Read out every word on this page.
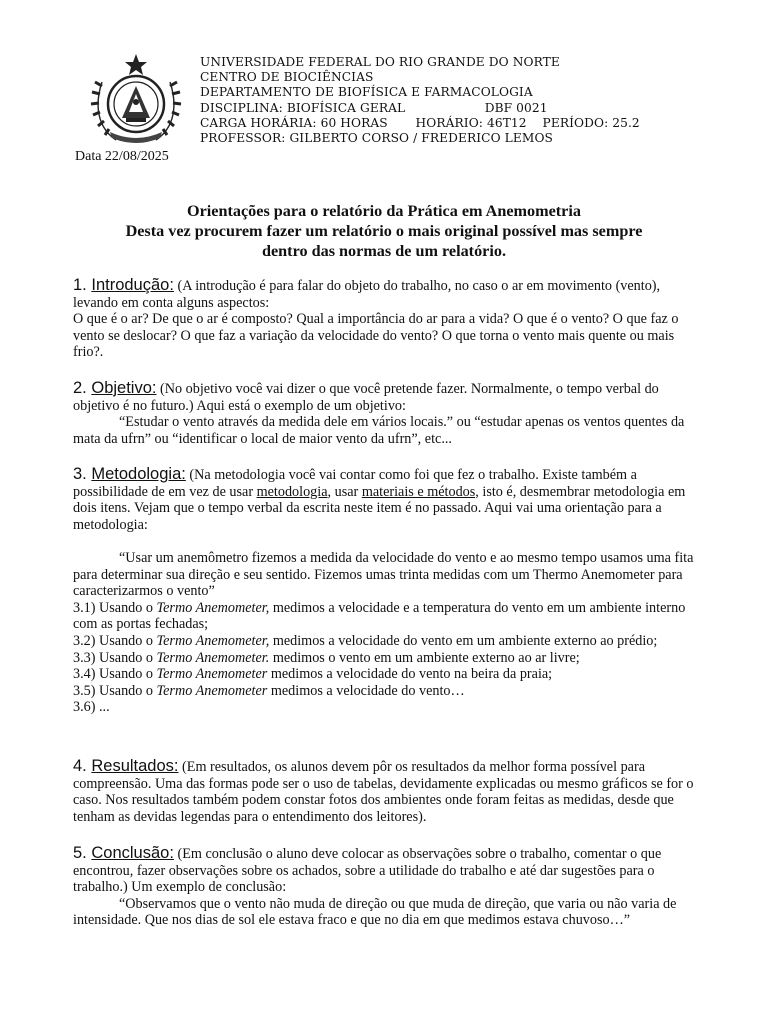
UNIVERSIDADE FEDERAL DO RIO GRANDE DO NORTE
CENTRO DE BIOCIÊNCIAS
DEPARTAMENTO DE BIOFÍSICA E FARMACOLOGIA
DISCIPLINA: BIOFÍSICA GERAL                    DBF 0021
CARGA HORÁRIA: 60 HORAS       HORÁRIO: 46T12    PERÍODO: 25.2
PROFESSOR: GILBERTO CORSO / FREDERICO LEMOS
Data 22/08/2025
Orientações para o relatório da Prática em Anemometria
Desta vez procurem fazer um relatório o mais original possível mas sempre
dentro das normas de um relatório.

1. Introdução: (A introdução é para falar do objeto do trabalho, no caso o ar em movimento (vento), levando em conta alguns aspectos:

O que é o ar? De que o ar é composto? Qual a importância do ar para a vida? O que é o vento? O que faz o vento se deslocar? O que faz a variação da velocidade do vento? O que torna o vento mais quente ou mais frio?.

2. Objetivo: (No objetivo você vai dizer o que você pretende fazer. Normalmente, o tempo verbal do objetivo é no futuro.) Aqui está o exemplo de um objetivo:

“Estudar o vento através da medida dele em vários locais.” ou “estudar apenas os ventos quentes da mata da ufrn” ou “identificar o local de maior vento da ufrn”, etc...

3. Metodologia: (Na metodologia você vai contar como foi que fez o trabalho. Existe também a possibilidade de em vez de usar metodologia, usar materiais e métodos, isto é, desmembrar metodologia em dois itens. Vejam que o tempo verbal da escrita neste item é no passado. Aqui vai uma orientação para a metodologia:

“Usar um anemômetro fizemos a medida da velocidade do vento e ao mesmo tempo usamos uma fita para determinar sua direção e seu sentido. Fizemos umas trinta medidas com um Thermo Anemometer para caracterizarmos o vento”

3.1) Usando o Termo Anemometer, medimos a velocidade e a temperatura do vento em um ambiente interno com as portas fechadas;

3.2) Usando o Termo Anemometer, medimos a velocidade do vento em um ambiente externo ao prédio;

3.3) Usando o Termo Anemometer. medimos o vento em um ambiente externo ao ar livre;

3.4) Usando o Termo Anemometer medimos a velocidade do vento na beira da praia;

3.5) Usando o Termo Anemometer medimos a velocidade do vento…

3.6) ...

4. Resultados: (Em resultados, os alunos devem pôr os resultados da melhor forma possível para compreensão. Uma das formas pode ser o uso de tabelas, devidamente explicadas ou mesmo gráficos se for o caso. Nos resultados também podem constar fotos dos ambientes onde foram feitas as medidas, desde que tenham as devidas legendas para o entendimento dos leitores).

5. Conclusão: (Em conclusão o aluno deve colocar as observações sobre o trabalho, comentar o que encontrou, fazer observações sobre os achados, sobre a utilidade do trabalho e até dar sugestões para o trabalho.) Um exemplo de conclusão:

“Observamos que o vento não muda de direção ou que muda de direção, que varia ou não varia de intensidade. Que nos dias de sol ele estava fraco e que no dia em que medimos estava chuvoso…”
